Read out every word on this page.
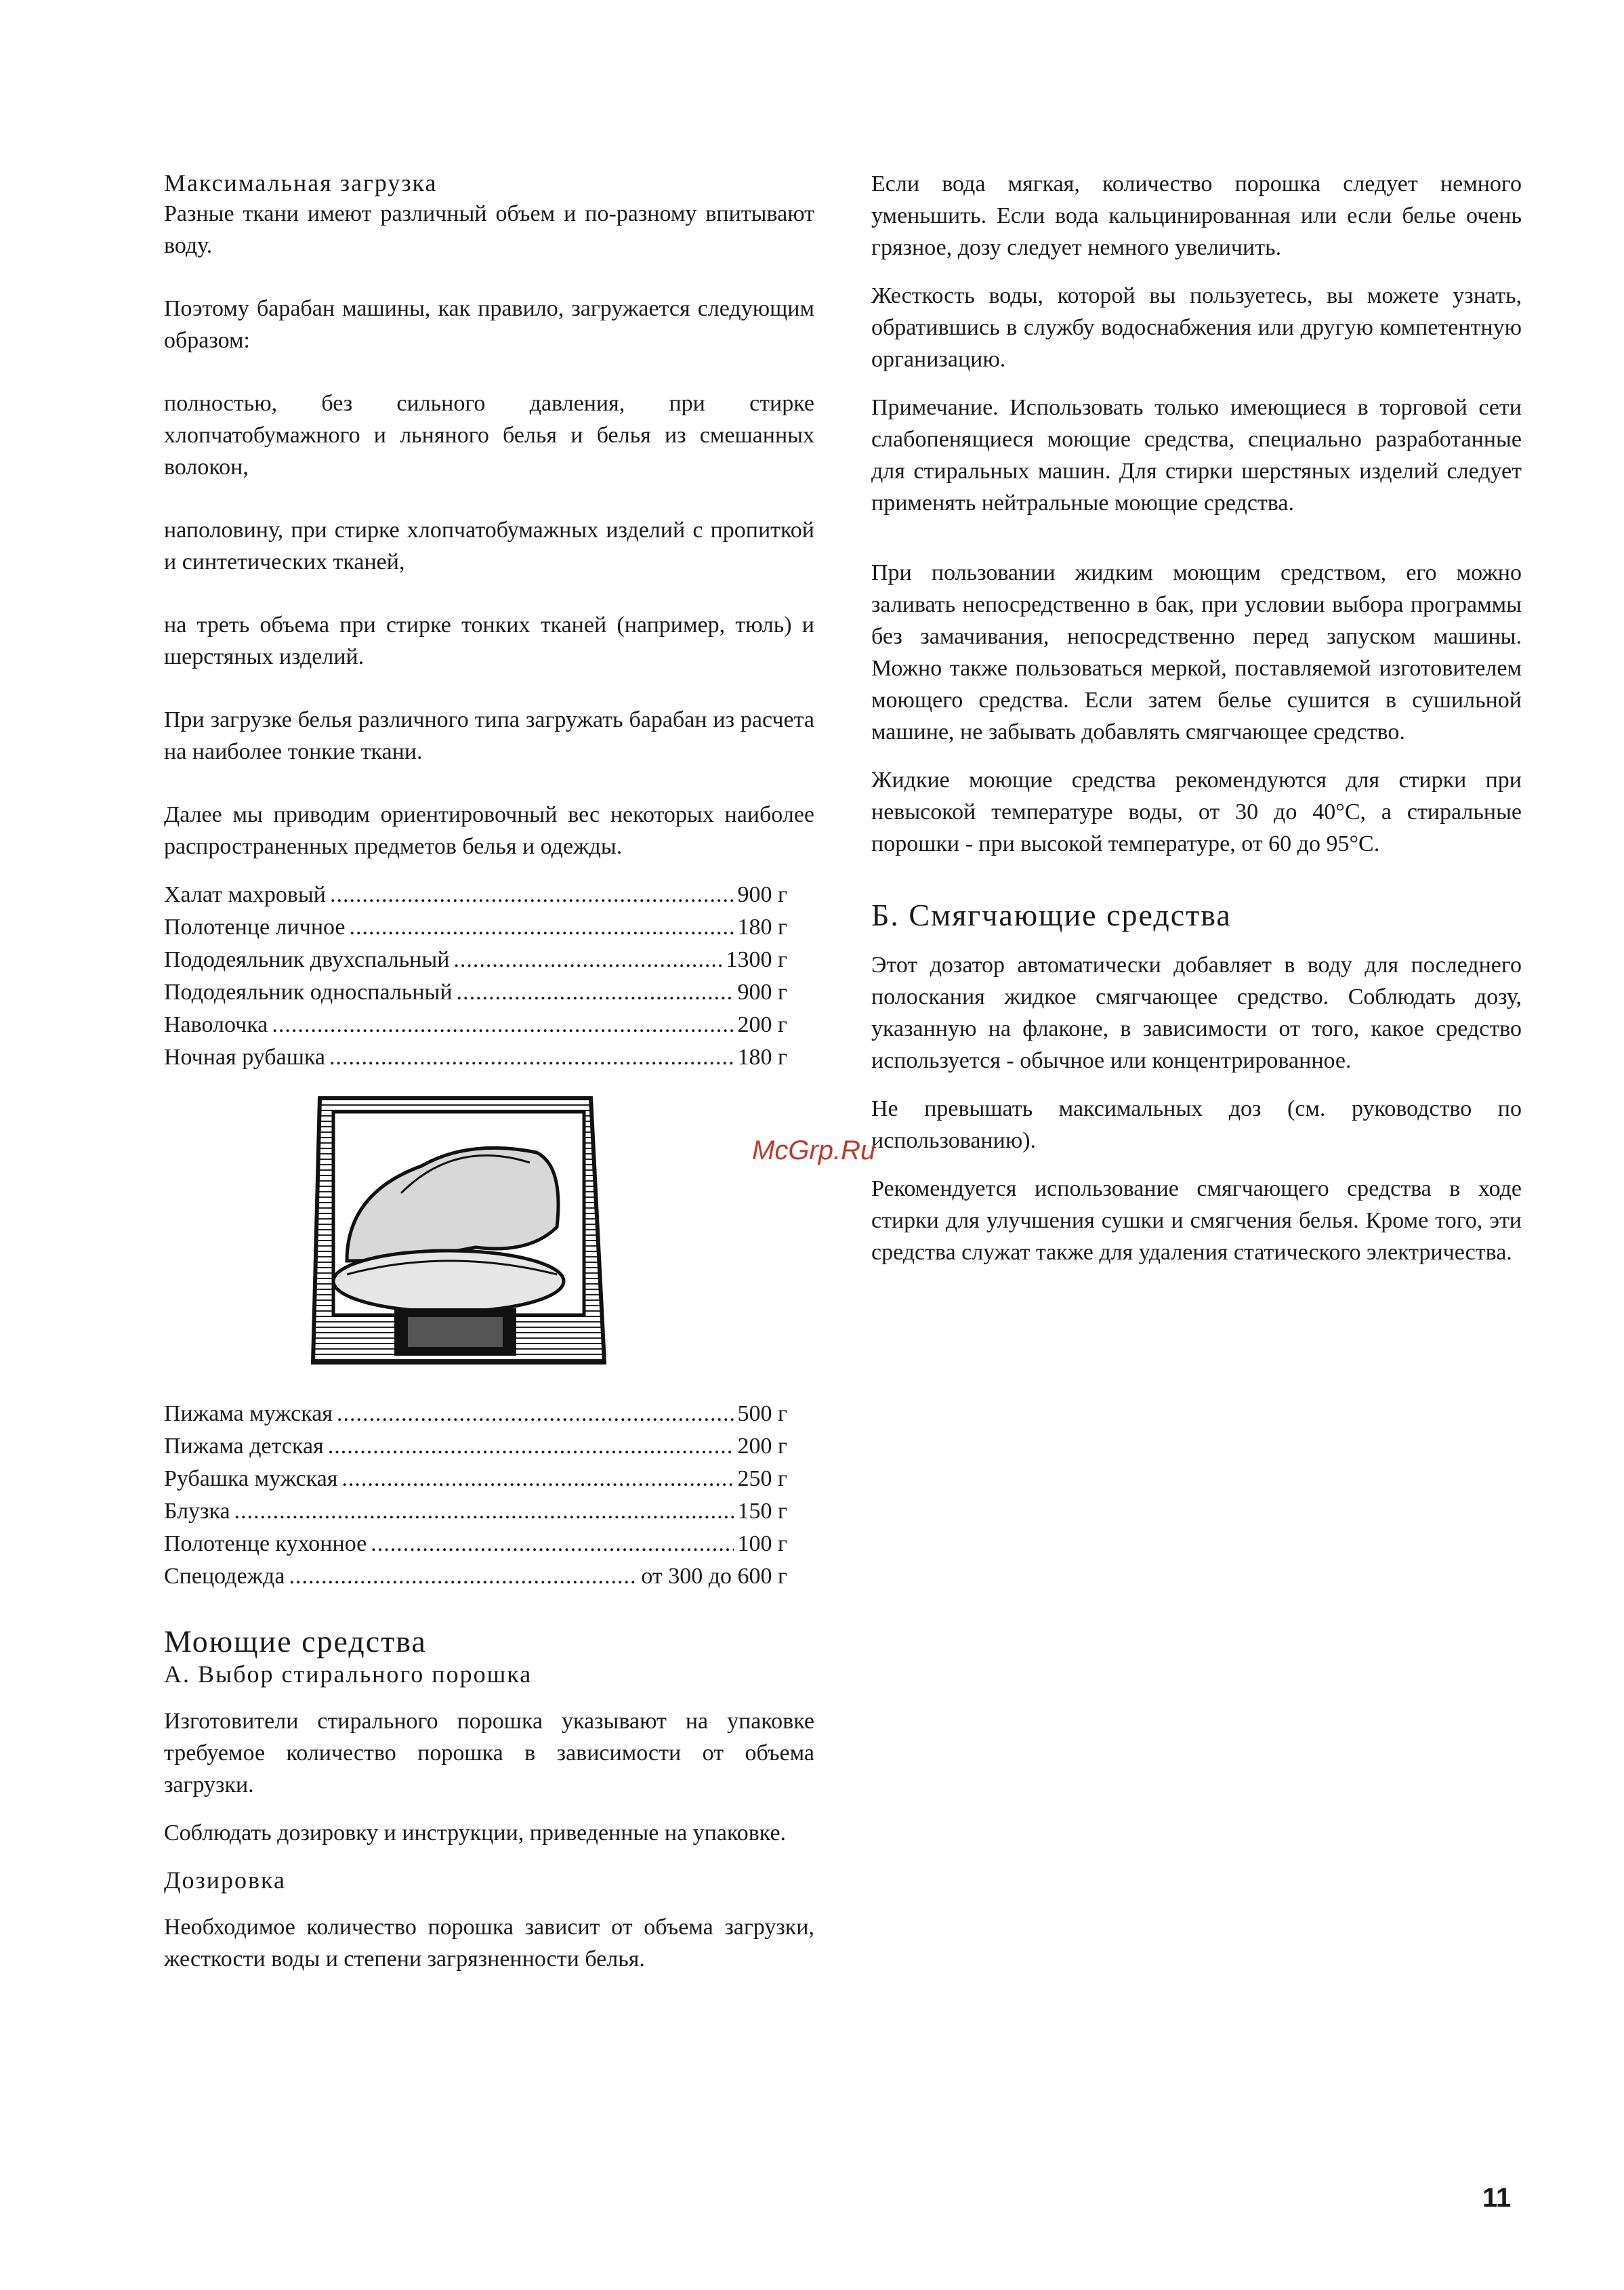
Максимальная загрузка

Разные ткани имеют различный объем и по-разному впитывают воду.

Поэтому барабан машины, как правило, загружается следующим образом:

полностью, без сильного давления, при стирке хлопчатобумажного и льняного белья и белья из смешанных волокон,

наполовину, при стирке хлопчатобумажных изделий с пропиткой и синтетических тканей,

на треть объема при стирке тонких тканей (например, тюль) и шерстяных изделий.

При загрузке белья различного типа загружать барабан из расчета на наиболее тонкие ткани.

Далее мы приводим ориентировочный вес некоторых наиболее распространенных предметов белья и одежды.

Халат махровый .....	900 г
Полотенце личное .....	180 г
Пододеяльник двухспальный .....	1300 г
Пододеяльник односпальный .....	900 г
Наволочка .....	200 г
Ночная рубашка .....	180 г
Пижама мужская .....	500 г
Пижама детская .....	200 г
Рубашка мужская .....	250 г
Блузка .....	150 г
Полотенце кухонное .....	100 г
Спецодежда .....	от 300 до 600 г
Моющие средства
А. Выбор стирального порошка

Изготовители стирального порошка указывают на упаковке требуемое количество порошка в зависимости от объема загрузки.

Соблюдать дозировку и инструкции, приведенные на упаковке.

Дозировка

Необходимое количество порошка зависит от объема загрузки, жесткости воды и степени загрязненности белья.

Если вода мягкая, количество порошка следует немного уменьшить. Если вода кальцинированная или если белье очень грязное, дозу следует немного увеличить.

Жесткость воды, которой вы пользуетесь, вы можете узнать, обратившись в службу водоснабжения или другую компетентную организацию.

Примечание. Использовать только имеющиеся в торговой сети слабопенящиеся моющие средства, специально разработанные для стиральных машин. Для стирки шерстяных изделий следует применять нейтральные моющие средства.

При пользовании жидким моющим средством, его можно заливать непосредственно в бак, при условии выбора программы без замачивания, непосредственно перед запуском машины. Можно также пользоваться меркой, поставляемой изготовителем моющего средства. Если затем белье сушится в сушильной машине, не забывать добавлять смягчающее средство.

Жидкие моющие средства рекомендуются для стирки при невысокой температуре воды, от 30 до 40°С, а стиральные порошки - при высокой температуре, от 60 до 95°С.

Б. Смягчающие средства

Этот дозатор автоматически добавляет в воду для последнего полоскания жидкое смягчающее средство. Соблюдать дозу, указанную на флаконе, в зависимости от того, какое средство используется - обычное или концентрированное.

Не превышать максимальных доз (см. руководство по использованию).

Рекомендуется использование смягчающего средства в ходе стирки для улучшения сушки и смягчения белья. Кроме того, эти средства служат также для удаления статического электричества.

McGrp.Ru
11
